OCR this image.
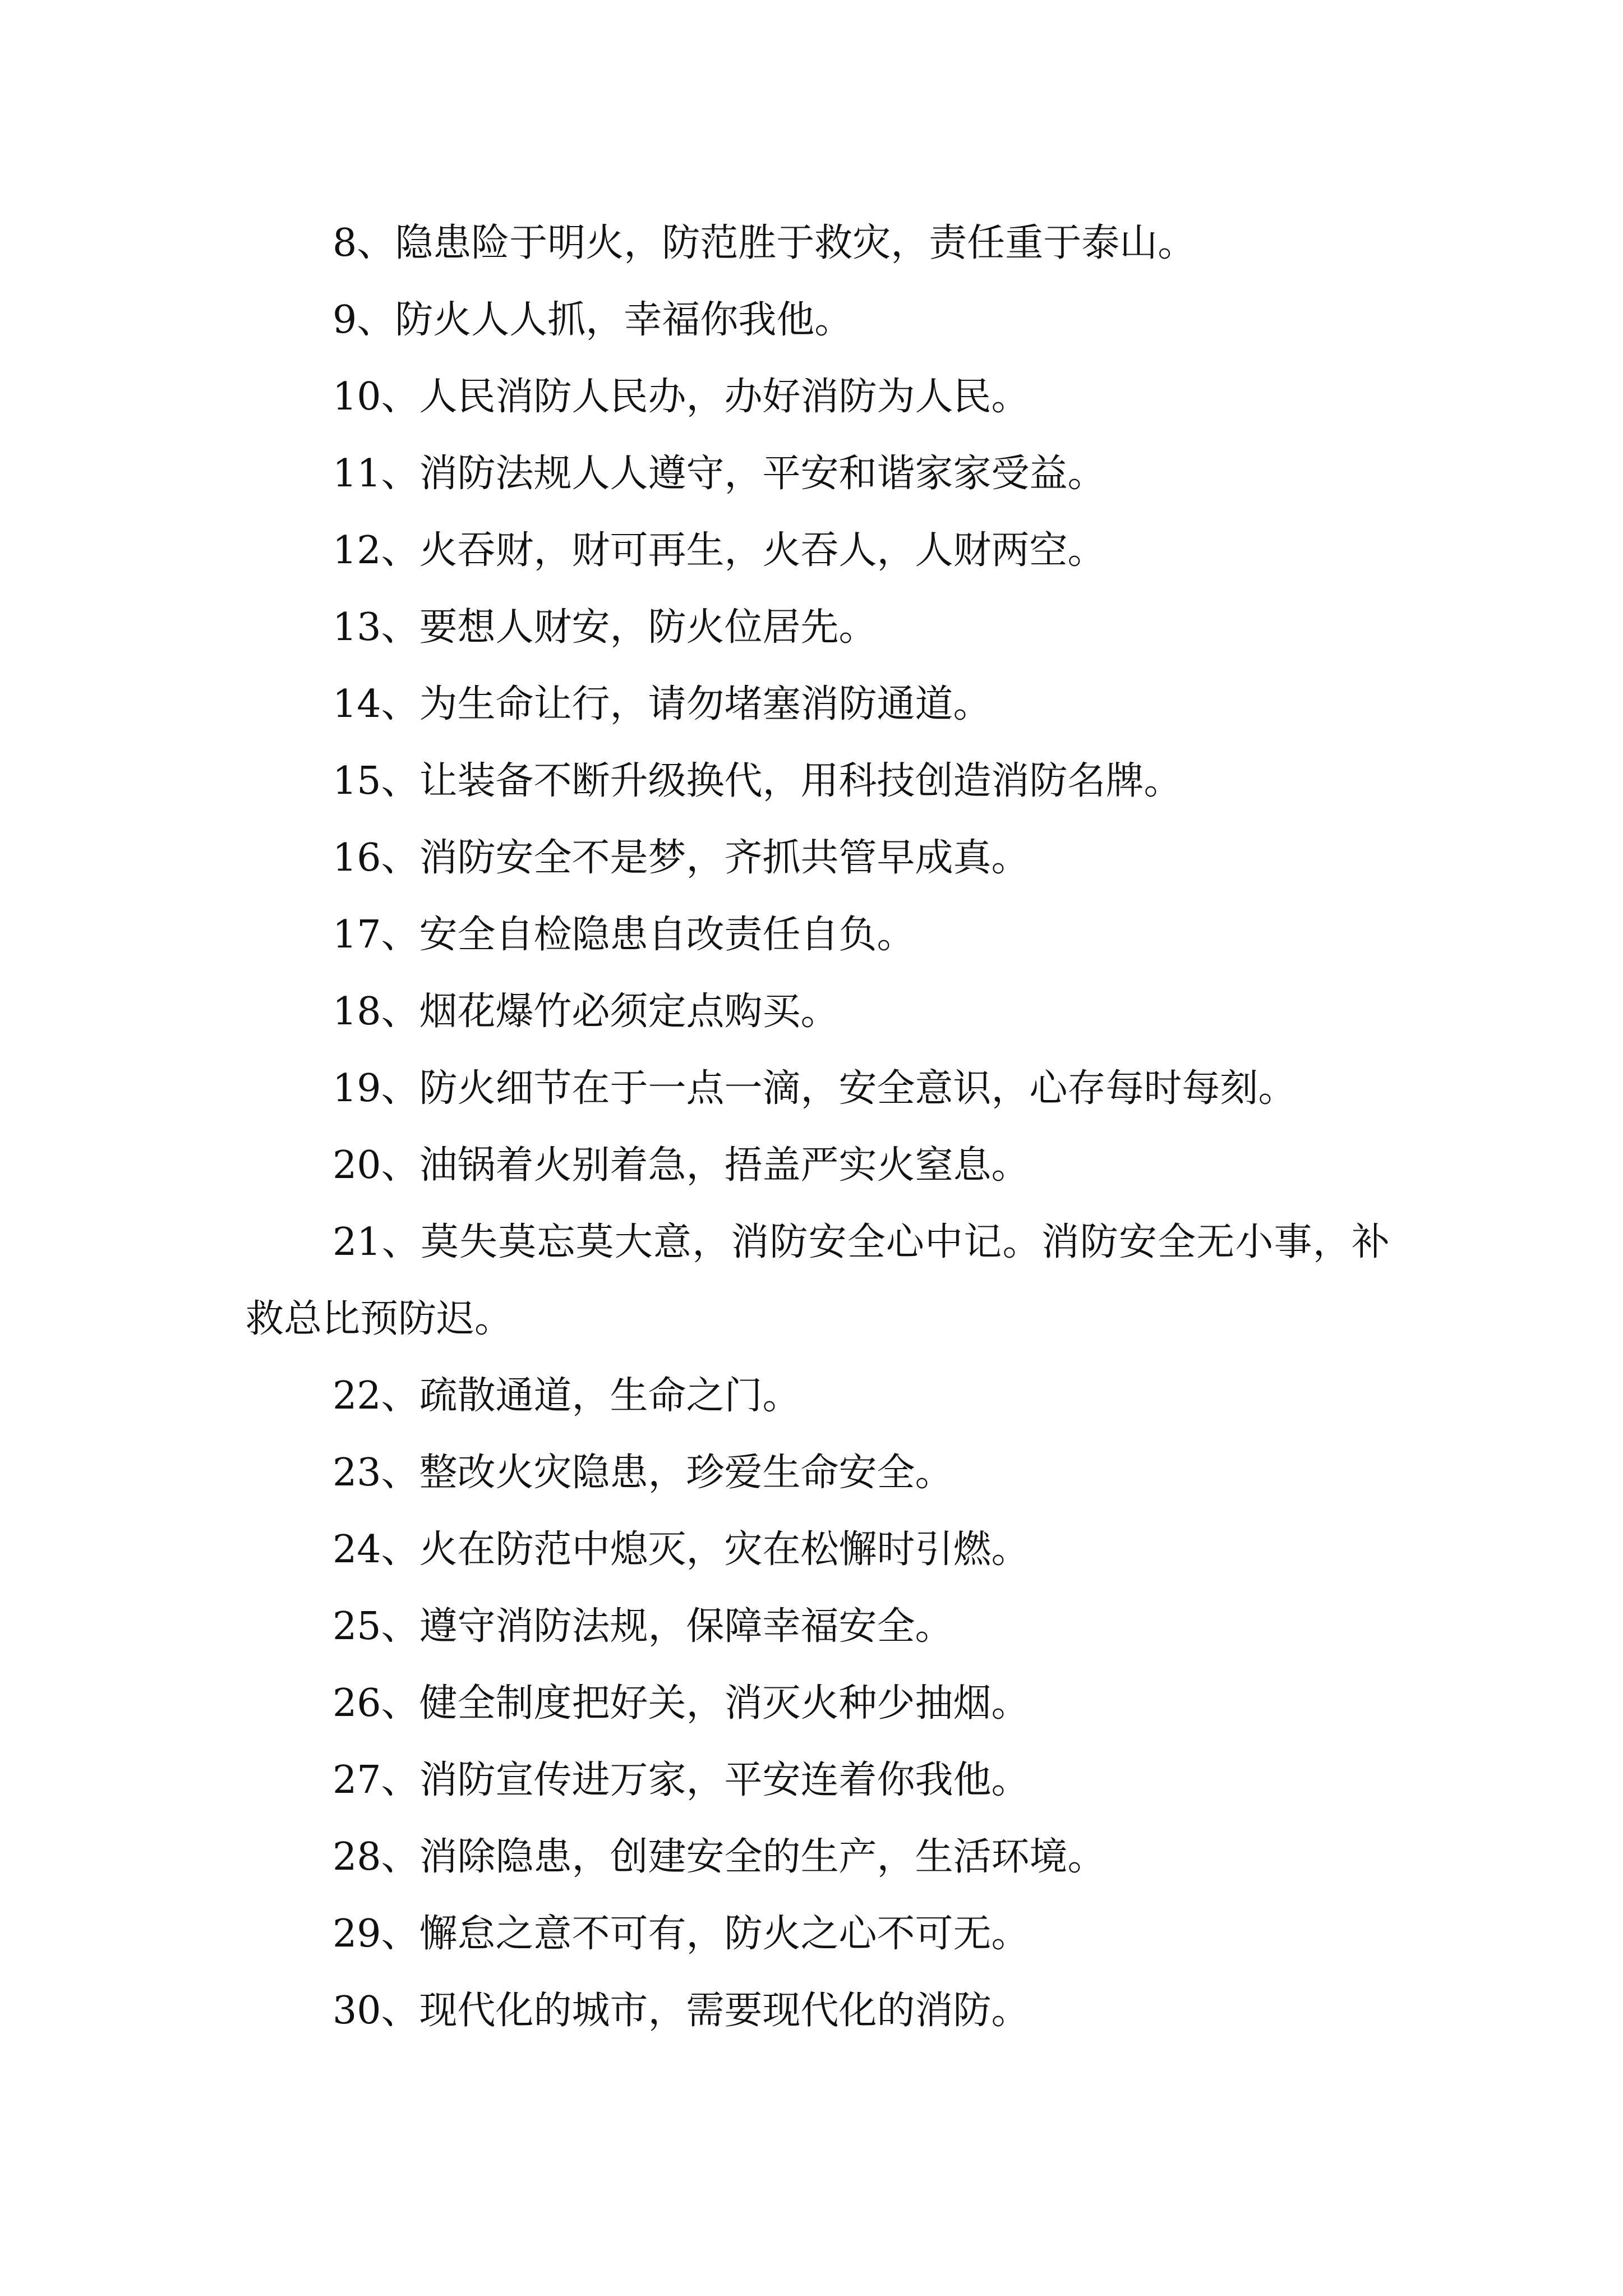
8、隐患险于明火，防范胜于救灾，责任重于泰山。

9、防火人人抓，幸福你我他。

10、人民消防人民办，办好消防为人民。

11、消防法规人人遵守，平安和谐家家受益。

12、火吞财，财可再生，火吞人，人财两空。

13、要想人财安，防火位居先。

14、为生命让行，请勿堵塞消防通道。

15、让装备不断升级换代，用科技创造消防名牌。

16、消防安全不是梦，齐抓共管早成真。

17、安全自检隐患自改责任自负。

18、烟花爆竹必须定点购买。

19、防火细节在于一点一滴，安全意识，心存每时每刻。

20、油锅着火别着急，捂盖严实火窒息。

21、莫失莫忘莫大意，消防安全心中记。消防安全无小事，补救总比预防迟。

22、疏散通道，生命之门。

23、整改火灾隐患，珍爱生命安全。

24、火在防范中熄灭，灾在松懈时引燃。

25、遵守消防法规，保障幸福安全。

26、健全制度把好关，消灭火种少抽烟。

27、消防宣传进万家，平安连着你我他。

28、消除隐患，创建安全的生产，生活环境。

29、懈怠之意不可有，防火之心不可无。

30、现代化的城市，需要现代化的消防。
